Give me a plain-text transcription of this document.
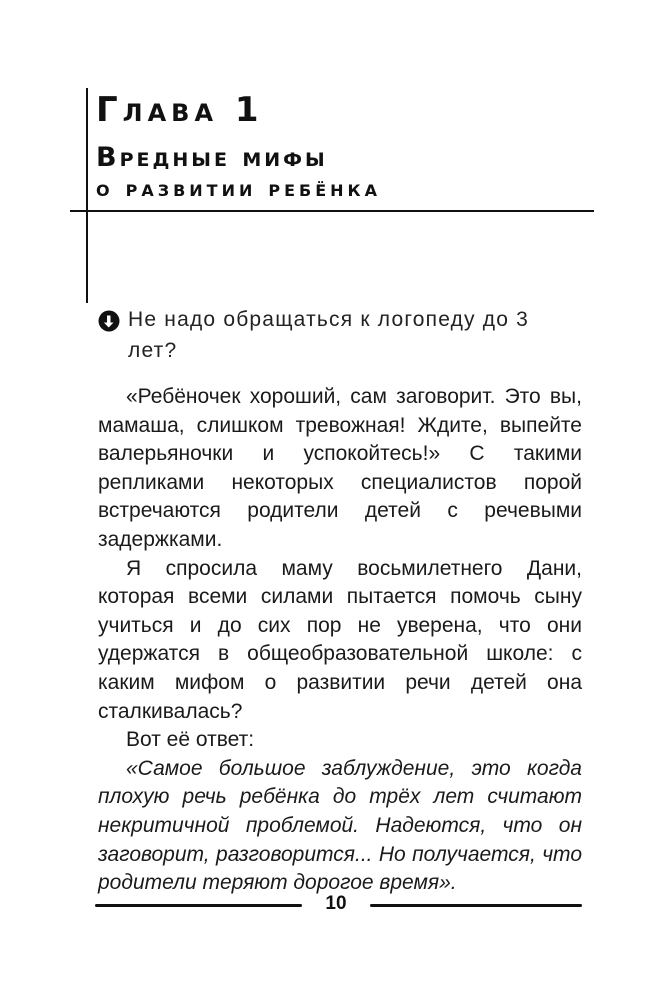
Глава 1
Вредные мифы
о развитии ребёнка
Не надо обращаться к логопеду до 3 лет?

«Ребёночек хороший, сам заговорит. Это вы, мамаша, слишком тревожная! Ждите, выпейте валерьяночки и успокойтесь!» С такими репликами некоторых специалистов порой встречаются родители детей с речевыми задержками.

Я спросила маму восьмилетнего Дани, которая всеми силами пытается помочь сыну учиться и до сих пор не уверена, что они удержатся в общеобразовательной школе: с каким мифом о развитии речи детей она сталкивалась?

Вот её ответ:

«Самое большое заблуждение, это когда плохую речь ребёнка до трёх лет считают некритичной проблемой. Надеются, что он заговорит, разговорится... Но получается, что родители теряют дорогое время».

10
